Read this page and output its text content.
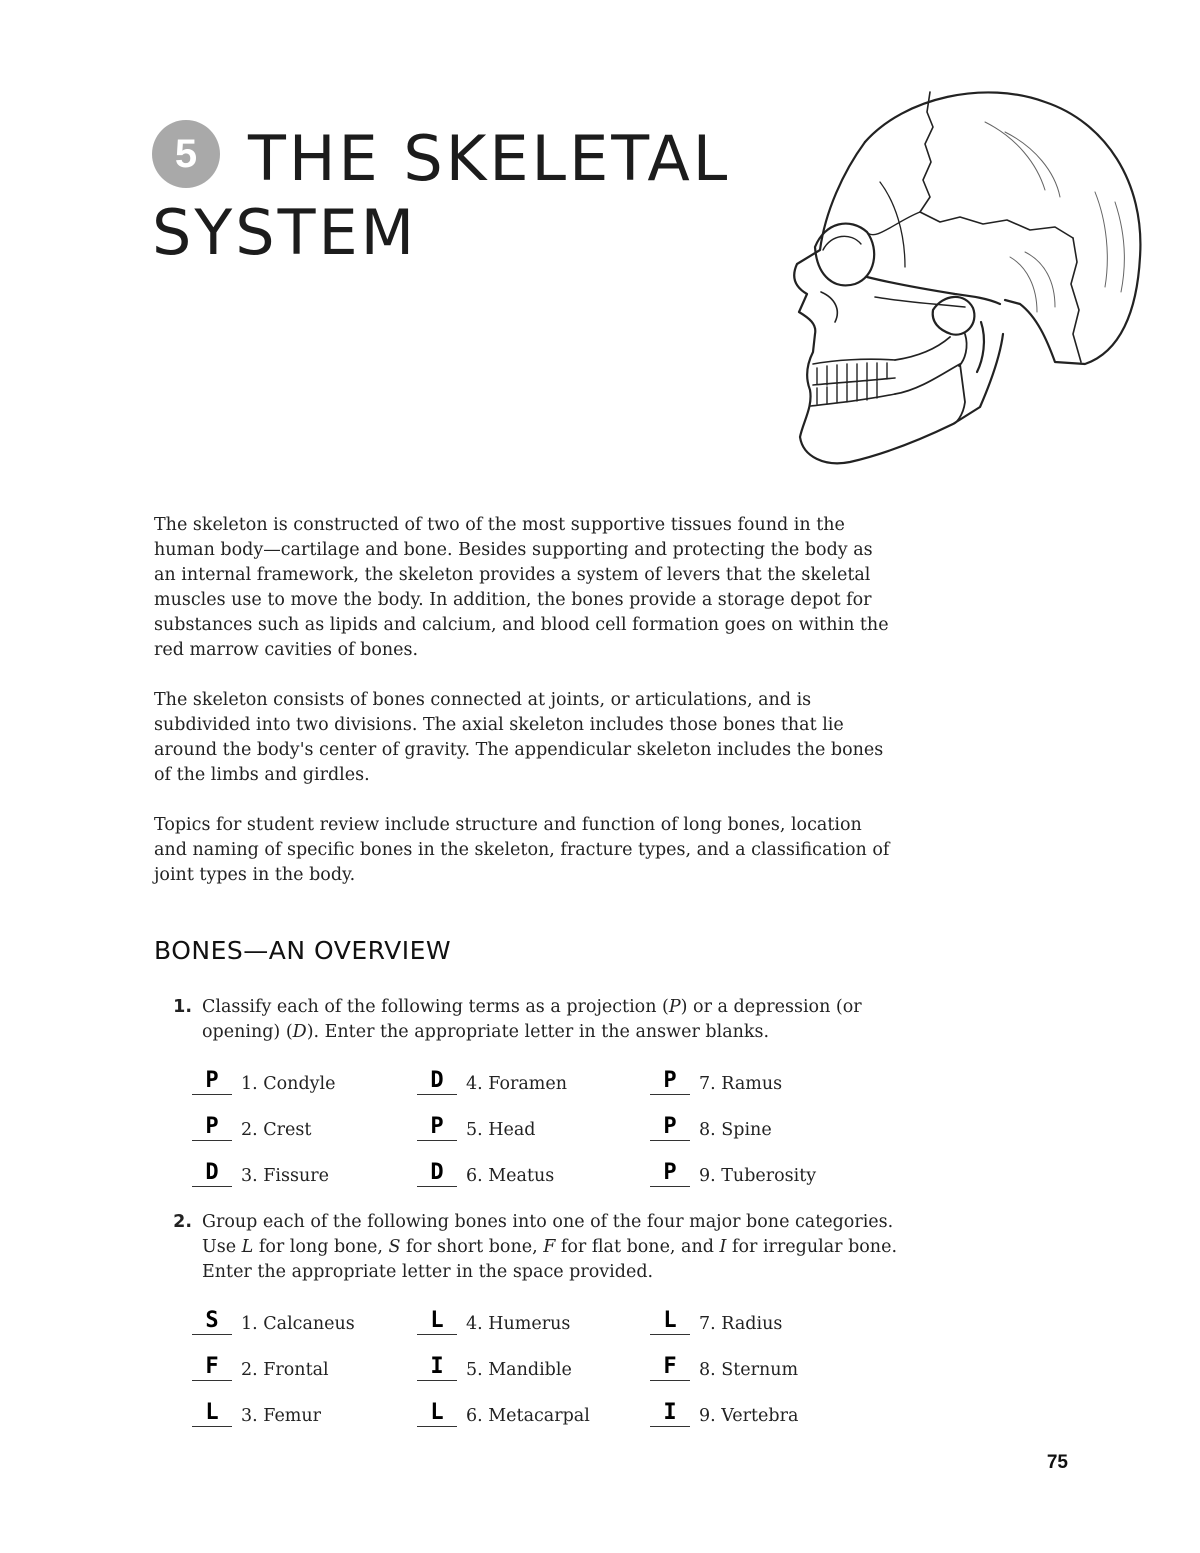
5 THE SKELETAL
SYSTEM

The skeleton is constructed of two of the most supportive tissues found in the human body—cartilage and bone. Besides supporting and protecting the body as an internal framework, the skeleton provides a system of levers that the skeletal muscles use to move the body. In addition, the bones provide a storage depot for substances such as lipids and calcium, and blood cell formation goes on within the red marrow cavities of bones.

The skeleton consists of bones connected at joints, or articulations, and is subdivided into two divisions. The axial skeleton includes those bones that lie around the body's center of gravity. The appendicular skeleton includes the bones of the limbs and girdles.

Topics for student review include structure and function of long bones, location and naming of specific bones in the skeleton, fracture types, and a classification of joint types in the body.

BONES—AN OVERVIEW
1. Classify each of the following terms as a projection (P) or a depression (or opening) (D). Enter the appropriate letter in the answer blanks.
P	1. Condyle	D	4. Foramen	P	7. Ramus
P	2. Crest	P	5. Head	P	8. Spine
D	3. Fissure	D	6. Meatus	P	9. Tuberosity
2. Group each of the following bones into one of the four major bone categories. Use L for long bone, S for short bone, F for flat bone, and I for irregular bone. Enter the appropriate letter in the space provided.
S	1. Calcaneus	L	4. Humerus	L	7. Radius
F	2. Frontal	I	5. Mandible	F	8. Sternum
L	3. Femur	L	6. Metacarpal	I	9. Vertebra
75
